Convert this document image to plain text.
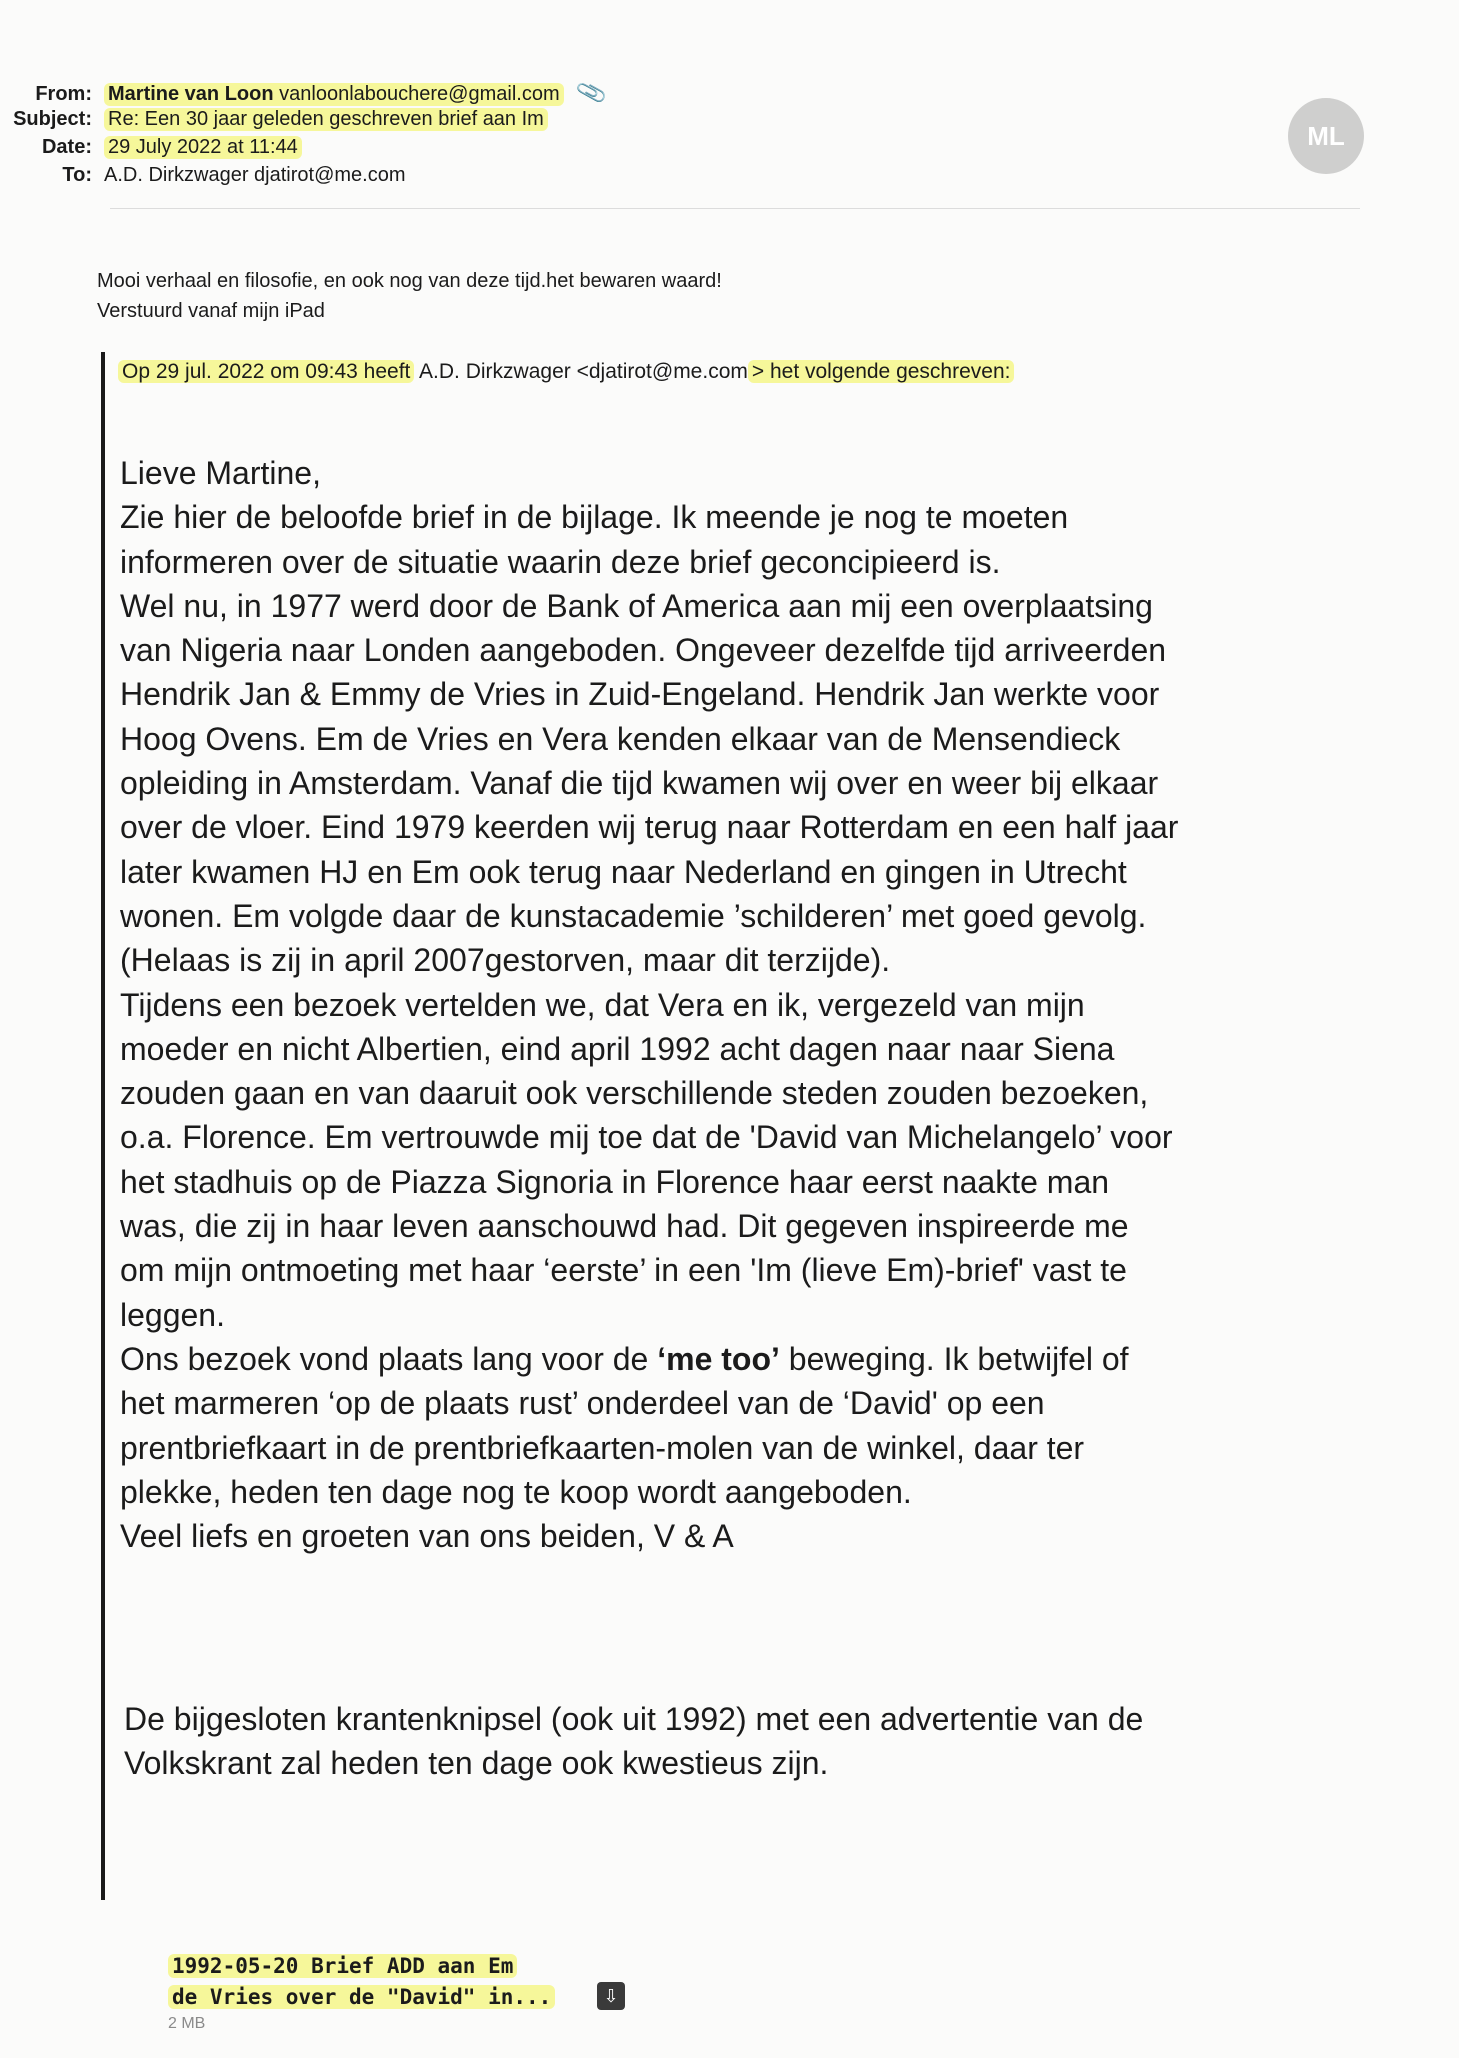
From: Martine van Loon vanloonlabouchere@gmail.com 📎
Subject: Re: Een 30 jaar geleden geschreven brief aan Im
Date: 29 July 2022 at 11:44
To: A.D. Dirkzwager djatirot@me.com
ML
Mooi verhaal en filosofie, en ook nog van deze tijd.het bewaren waard!
Verstuurd vanaf mijn iPad
Op 29 jul. 2022 om 09:43 heeft A.D. Dirkzwager <djatirot@me.com > het volgende geschreven:

Lieve Martine,

Zie hier de beloofde brief in de bijlage. Ik meende je nog te moeten

informeren over de situatie waarin deze brief geconcipieerd is.

Wel nu, in 1977 werd door de Bank of America aan mij een overplaatsing

van Nigeria naar Londen aangeboden. Ongeveer dezelfde tijd arriveerden

Hendrik Jan & Emmy de Vries in Zuid-Engeland. Hendrik Jan werkte voor

Hoog Ovens. Em de Vries en Vera kenden elkaar van de Mensendieck

opleiding in Amsterdam. Vanaf die tijd kwamen wij over en weer bij elkaar

over de vloer. Eind 1979 keerden wij terug naar Rotterdam en een half jaar

later kwamen HJ en Em ook terug naar Nederland en gingen in Utrecht

wonen. Em volgde daar de kunstacademie ’schilderen’ met goed gevolg.

(Helaas is zij in april 2007gestorven, maar dit terzijde).

Tijdens een bezoek vertelden we, dat Vera en ik, vergezeld van mijn

moeder en nicht Albertien, eind april 1992 acht dagen naar naar Siena

zouden gaan en van daaruit ook verschillende steden zouden bezoeken,

o.a. Florence. Em vertrouwde mij toe dat de 'David van Michelangelo’ voor

het stadhuis op de Piazza Signoria in Florence haar eerst naakte man

was, die zij in haar leven aanschouwd had. Dit gegeven inspireerde me

om mijn ontmoeting met haar ‘eerste’ in een 'Im (lieve Em)-brief' vast te

leggen.

Ons bezoek vond plaats lang voor de ‘me too’ beweging. Ik betwijfel of

het marmeren ‘op de plaats rust’ onderdeel van de ‘David' op een

prentbriefkaart in de prentbriefkaarten-molen van de winkel, daar ter

plekke, heden ten dage nog te koop wordt aangeboden.

Veel liefs en groeten van ons beiden, V & A

De bijgesloten krantenknipsel (ook uit 1992) met een advertentie van de

Volkskrant zal heden ten dage ook kwestieus zijn.

1992-05-20 Brief ADD aan Em
de Vries over de "David" in...
2 MB
⇩
